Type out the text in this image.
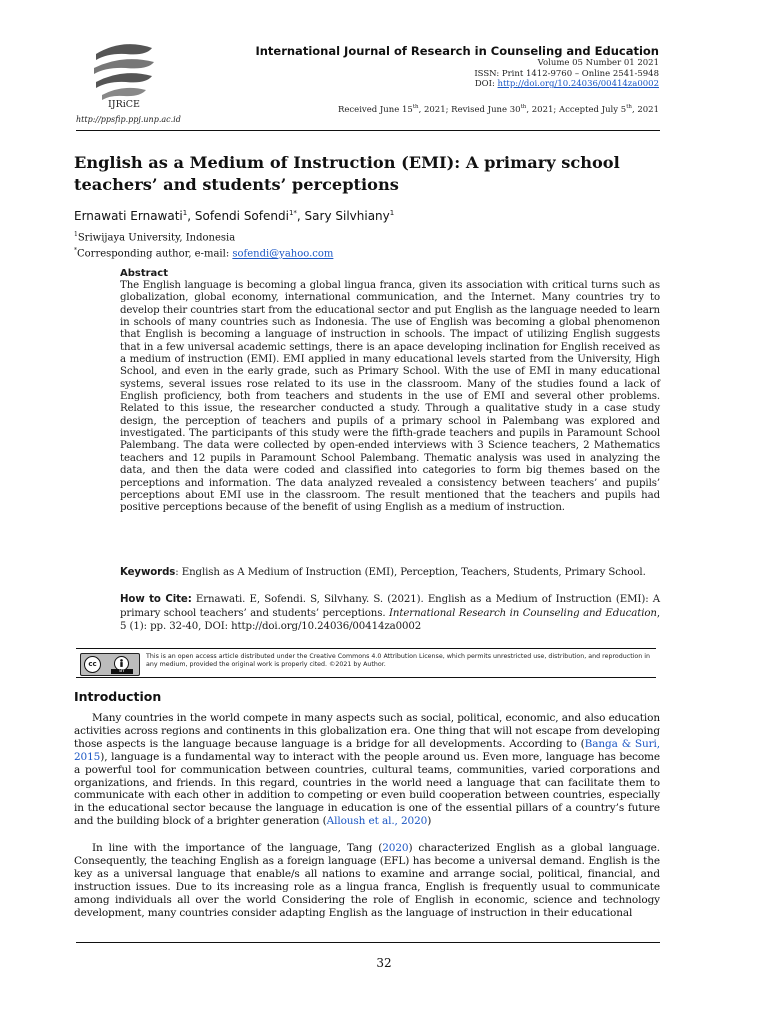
IJRiCE
http://ppsfip.ppj.unp.ac.id
International Journal of Research in Counseling and Education
Volume 05 Number 01 2021
ISSN: Print 1412-9760 – Online 2541-5948
DOI: http://doi.org/10.24036/00414za0002
Received June 15th, 2021; Revised June 30th, 2021; Accepted July 5th, 2021
English as a Medium of Instruction (EMI): A primary school teachers’ and students’ perceptions
Ernawati Ernawati$^1$, Sofendi Sofendi$^{1*}$, Sary Silvhiany$^1$
$^1$Sriwijaya University, Indonesia
*Corresponding author, e-mail: sofendi@yahoo.com
Abstract
The English language is becoming a global lingua franca, given its association with critical turns such as globalization, global economy, international communication, and the Internet. Many countries try to develop their countries start from the educational sector and put English as the language needed to learn in schools of many countries such as Indonesia. The use of English was becoming a global phenomenon that English is becoming a language of instruction in schools. The impact of utilizing English suggests that in a few universal academic settings, there is an apace developing inclination for English received as a medium of instruction (EMI). EMI applied in many educational levels started from the University, High School, and even in the early grade, such as Primary School. With the use of EMI in many educational systems, several issues rose related to its use in the classroom. Many of the studies found a lack of English proficiency, both from teachers and students in the use of EMI and several other problems. Related to this issue, the researcher conducted a study. Through a qualitative study in a case study design, the perception of teachers and pupils of a primary school in Palembang was explored and investigated. The participants of this study were the fifth-grade teachers and pupils in Paramount School Palembang. The data were collected by open-ended interviews with 3 Science teachers, 2 Mathematics teachers and 12 pupils in Paramount School Palembang. Thematic analysis was used in analyzing the data, and then the data were coded and classified into categories to form big themes based on the perceptions and information. The data analyzed revealed a consistency between teachers’ and pupils’ perceptions about EMI use in the classroom. The result mentioned that the teachers and pupils had positive perceptions because of the benefit of using English as a medium of instruction.
Keywords: English as A Medium of Instruction (EMI), Perception, Teachers, Students, Primary School.
How to Cite: Ernawati. E, Sofendi. S, Silvhany. S. (2021). English as a Medium of Instruction (EMI): A primary school teachers’ and students’ perceptions. International Research in Counseling and Education, 5 (1): pp. 32-40, DOI: http://doi.org/10.24036/00414za0002
cc
BY
This is an open access article distributed under the Creative Commons 4.0 Attribution License, which permits unrestricted use, distribution, and reproduction in any medium, provided the original work is properly cited. ©2021 by Author.
Introduction
Many countries in the world compete in many aspects such as social, political, economic, and also education activities across regions and continents in this globalization era. One thing that will not escape from developing those aspects is the language because language is a bridge for all developments. According to (Banga & Suri, 2015), language is a fundamental way to interact with the people around us. Even more, language has become a powerful tool for communication between countries, cultural teams, communities, varied corporations and organizations, and friends. In this regard, countries in the world need a language that can facilitate them to communicate with each other in addition to competing or even build cooperation between countries, especially in the educational sector because the language in education is one of the essential pillars of a country’s future and the building block of a brighter generation (Alloush et al., 2020)
In line with the importance of the language, Tang (2020) characterized English as a global language. Consequently, the teaching English as a foreign language (EFL) has become a universal demand. English is the key as a universal language that enable/s all nations to examine and arrange social, political, financial, and instruction issues. Due to its increasing role as a lingua franca, English is frequently usual to communicate among individuals all over the world Considering the role of English in economic, science and technology development, many countries consider adapting English as the language of instruction in their educational
32
